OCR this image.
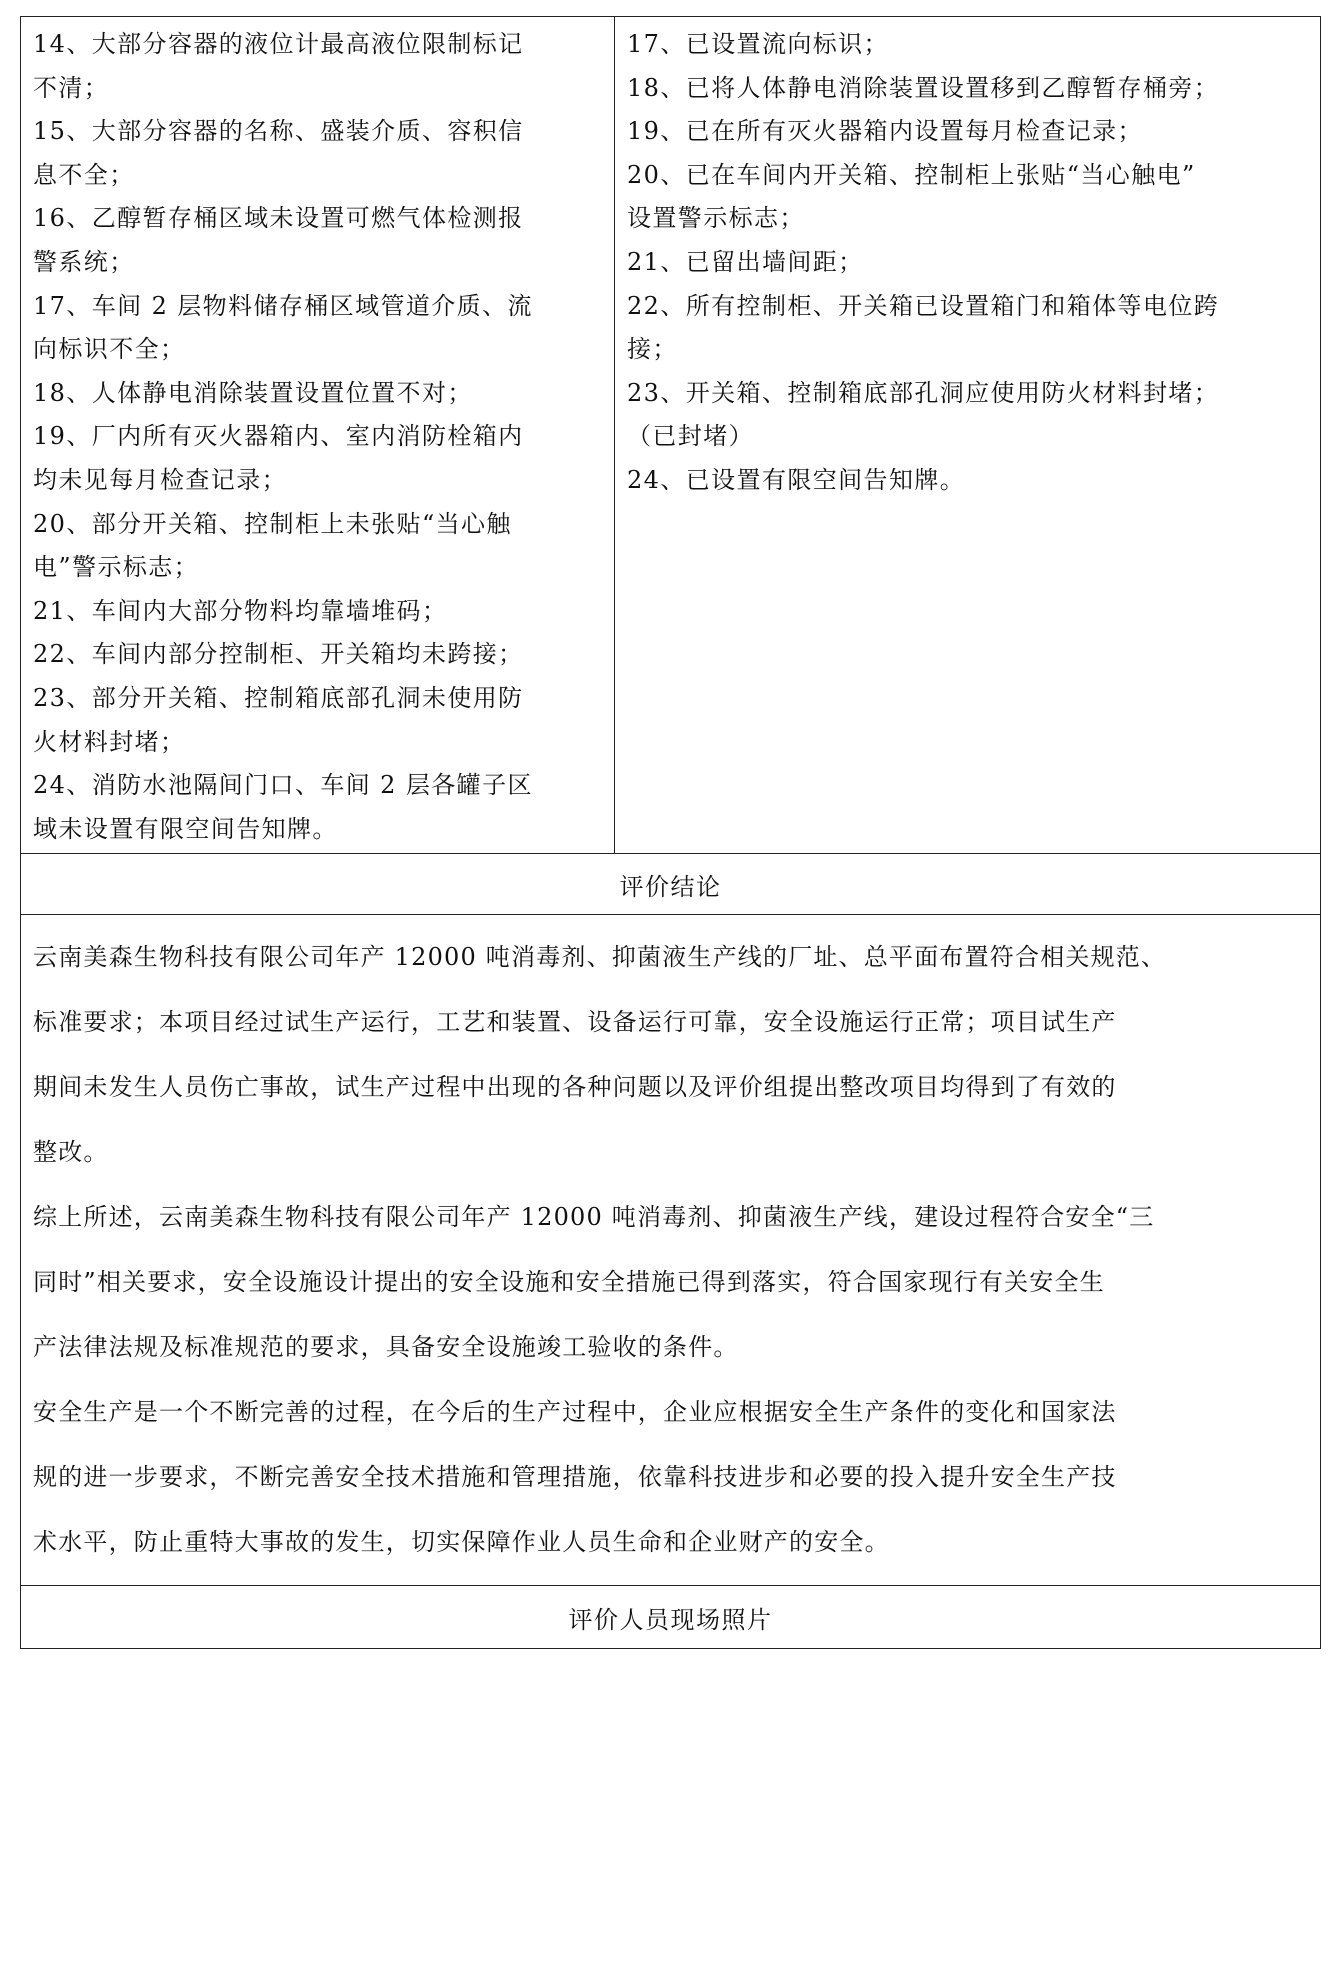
14、大部分容器的液位计最高液位限制标记
不清；
15、大部分容器的名称、盛装介质、容积信
息不全；
16、乙醇暂存桶区域未设置可燃气体检测报
警系统；
17、车间 2 层物料储存桶区域管道介质、流
向标识不全；
18、人体静电消除装置设置位置不对；
19、厂内所有灭火器箱内、室内消防栓箱内
均未见每月检查记录；
20、部分开关箱、控制柜上未张贴“当心触
电”警示标志；
21、车间内大部分物料均靠墙堆码；
22、车间内部分控制柜、开关箱均未跨接；
23、部分开关箱、控制箱底部孔洞未使用防
火材料封堵；
24、消防水池隔间门口、车间 2 层各罐子区
域未设置有限空间告知牌。

17、已设置流向标识；
18、已将人体静电消除装置设置移到乙醇暂存桶旁；
19、已在所有灭火器箱内设置每月检查记录；
20、已在车间内开关箱、控制柜上张贴“当心触电”
设置警示标志；
21、已留出墙间距；
22、所有控制柜、开关箱已设置箱门和箱体等电位跨
接；
23、开关箱、控制箱底部孔洞应使用防火材料封堵；
（已封堵）
24、已设置有限空间告知牌。

评价结论

云南美森生物科技有限公司年产 12000 吨消毒剂、抑菌液生产线的厂址、总平面布置符合相关规范、
标准要求；本项目经过试生产运行，工艺和装置、设备运行可靠，安全设施运行正常；项目试生产
期间未发生人员伤亡事故，试生产过程中出现的各种问题以及评价组提出整改项目均得到了有效的
整改。
综上所述，云南美森生物科技有限公司年产 12000 吨消毒剂、抑菌液生产线，建设过程符合安全“三
同时”相关要求，安全设施设计提出的安全设施和安全措施已得到落实，符合国家现行有关安全生
产法律法规及标准规范的要求，具备安全设施竣工验收的条件。
安全生产是一个不断完善的过程，在今后的生产过程中，企业应根据安全生产条件的变化和国家法
规的进一步要求，不断完善安全技术措施和管理措施，依靠科技进步和必要的投入提升安全生产技
术水平，防止重特大事故的发生，切实保障作业人员生命和企业财产的安全。

评价人员现场照片
